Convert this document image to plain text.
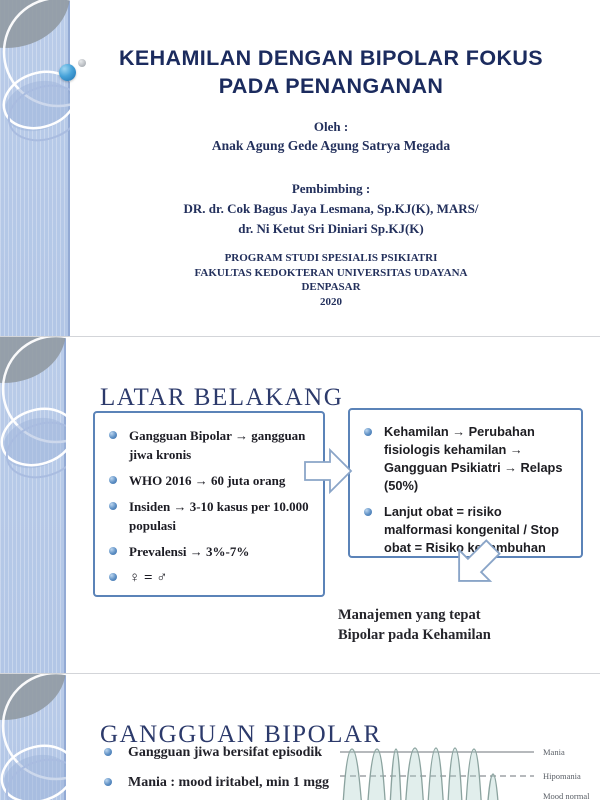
KEHAMILAN DENGAN BIPOLAR FOKUS
PADA PENANGANAN
Oleh :
Anak Agung Gede Agung Satrya Megada
Pembimbing :
DR. dr. Cok Bagus Jaya Lesmana, Sp.KJ(K), MARS/
dr. Ni Ketut Sri Diniari Sp.KJ(K)
PROGRAM STUDI SPESIALIS PSIKIATRI
FAKULTAS KEDOKTERAN UNIVERSITAS UDAYANA
DENPASAR
2020
LATAR BELAKANG
Gangguan Bipolar → gangguan jiwa kronis
WHO 2016 → 60 juta orang
Insiden → 3-10 kasus per 10.000 populasi
Prevalensi → 3%-7%
♀ = ♂
Kehamilan → Perubahan fisiologis kehamilan → Gangguan Psikiatri → Relaps (50%)
Lanjut obat = risiko malformasi kongenital / Stop obat = Risiko kekambuhan
Manajemen yang tepat
Bipolar pada Kehamilan
GANGGUAN BIPOLAR
Gangguan jiwa bersifat episodik
Mania : mood iritabel, min 1 mgg
Mania
Hipomania
Mood normal
